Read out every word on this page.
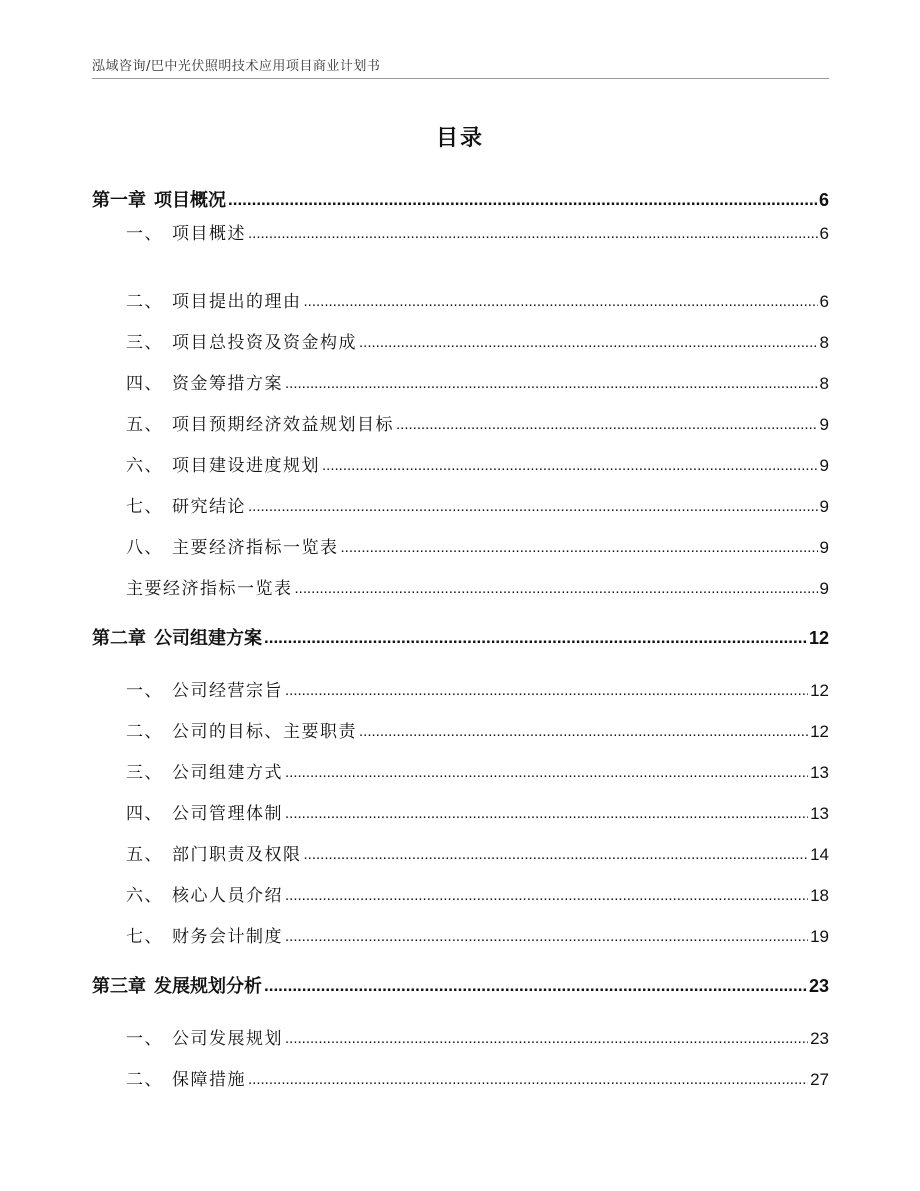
泓域咨询/巴中光伏照明技术应用项目商业计划书
目录
第一章 项目概况 .....	6
一、 项目概述 .....	6
二、 项目提出的理由 .....	6
三、 项目总投资及资金构成 .....	8
四、 资金筹措方案 .....	8
五、 项目预期经济效益规划目标 .....	9
六、 项目建设进度规划 .....	9
七、 研究结论 .....	9
八、 主要经济指标一览表 .....	9
主要经济指标一览表 .....	9
第二章 公司组建方案 .....	12
一、 公司经营宗旨 .....	12
二、 公司的目标、主要职责 .....	12
三、 公司组建方式 .....	13
四、 公司管理体制 .....	13
五、 部门职责及权限 .....	14
六、 核心人员介绍 .....	18
七、 财务会计制度 .....	19
第三章 发展规划分析 .....	23
一、 公司发展规划 .....	23
二、 保障措施 .....	27
